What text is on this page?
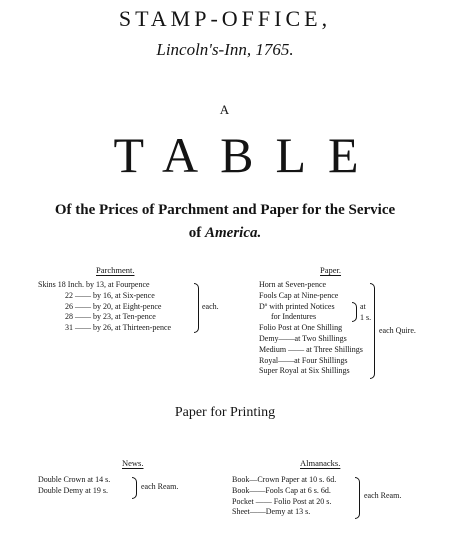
STAMP-OFFICE,
Lincoln's-Inn, 1765.
A
TABLE
Of the Prices of Parchment and Paper for the Service
of America.
Parchment.
Skins 18 Inch. by 13, at Fourpence
22 —— by 16, at Six-pence
26 —— by 20, at Eight-pence
28 —— by 23, at Ten-pence
31 —— by 26, at Thirteen-pence
each.
Paper.
Horn at Seven-pence
Fools Cap at Nine-pence
Dº with printed Notices
for Indentures
Folio Post at One Shilling
Demy——at Two Shillings
Medium —— at Three Shillings
Royal——at Four Shillings
Super Royal at Six Shillings
at
1 s.
each Quire.
Paper for Printing
News.
Double Crown at 14 s.
Double Demy at 19 s.	each Ream.
Almanacks.
Book—Crown Paper at 10 s. 6d.
Book——Fools Cap at 6 s. 6d.
Pocket —— Folio Post at 20 s.
Sheet——Demy at 13 s.
each Ream.
